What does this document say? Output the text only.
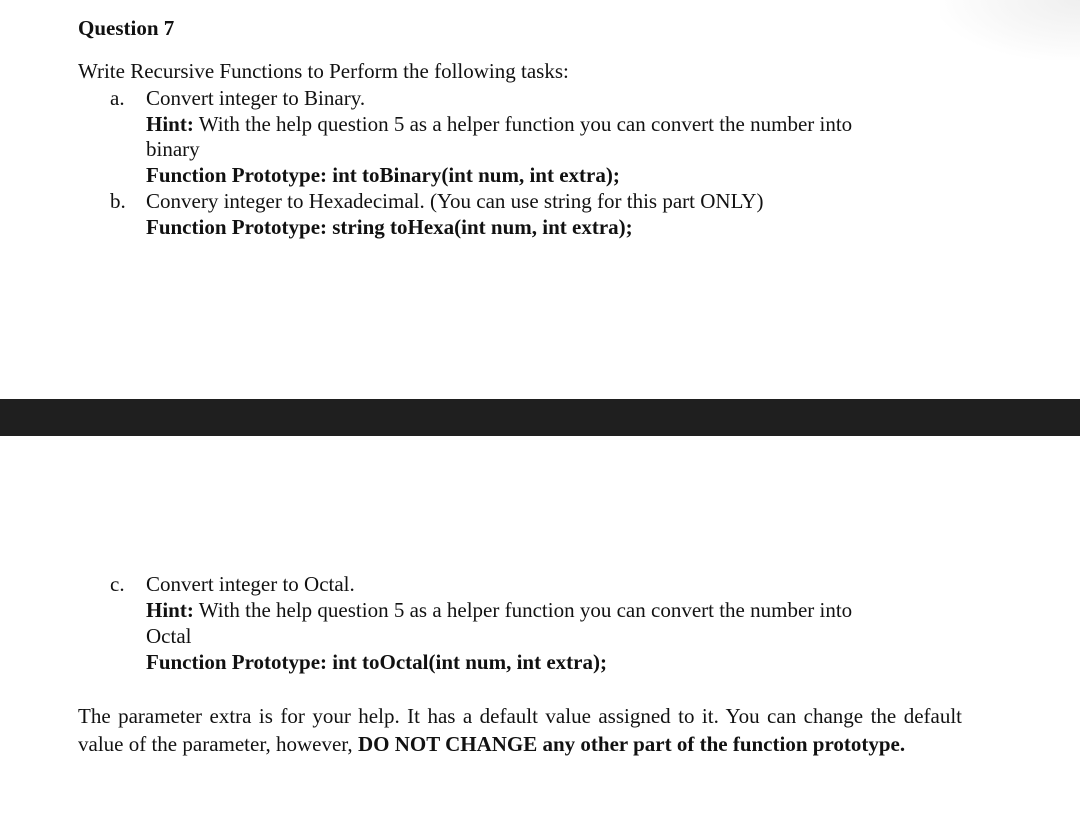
Question 7
Write Recursive Functions to Perform the following tasks:
a. Convert integer to Binary.
Hint: With the help question 5 as a helper function you can convert the number into
binary
Function Prototype: int toBinary(int num, int extra);
b. Convery integer to Hexadecimal. (You can use string for this part ONLY)
Function Prototype: string toHexa(int num, int extra);
c. Convert integer to Octal.
Hint: With the help question 5 as a helper function you can convert the number into
Octal
Function Prototype: int toOctal(int num, int extra);
The parameter extra is for your help. It has a default value assigned to it. You can change the default value of the parameter, however, DO NOT CHANGE any other part of the function prototype.
